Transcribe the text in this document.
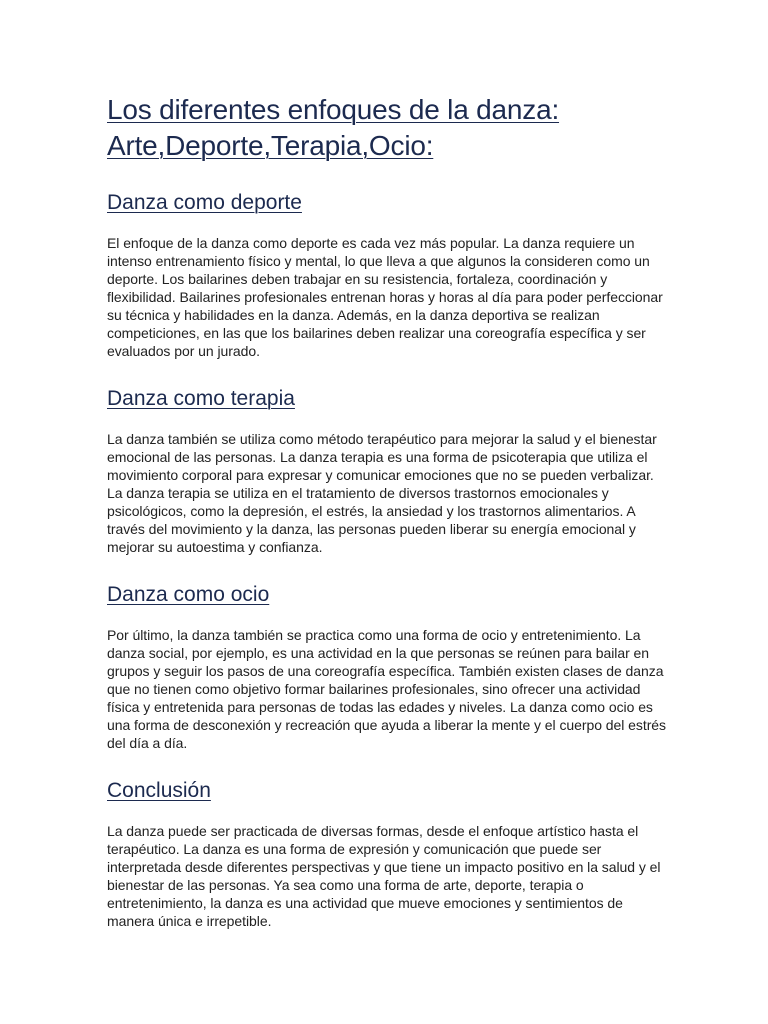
Los diferentes enfoques de la danza:
Arte,Deporte,Terapia,Ocio:
Danza como deporte

El enfoque de la danza como deporte es cada vez más popular. La danza requiere un intenso entrenamiento físico y mental, lo que lleva a que algunos la consideren como un deporte. Los bailarines deben trabajar en su resistencia, fortaleza, coordinación y flexibilidad. Bailarines profesionales entrenan horas y horas al día para poder perfeccionar su técnica y habilidades en la danza. Además, en la danza deportiva se realizan competiciones, en las que los bailarines deben realizar una coreografía específica y ser evaluados por un jurado.

Danza como terapia

La danza también se utiliza como método terapéutico para mejorar la salud y el bienestar emocional de las personas. La danza terapia es una forma de psicoterapia que utiliza el movimiento corporal para expresar y comunicar emociones que no se pueden verbalizar. La danza terapia se utiliza en el tratamiento de diversos trastornos emocionales y psicológicos, como la depresión, el estrés, la ansiedad y los trastornos alimentarios. A través del movimiento y la danza, las personas pueden liberar su energía emocional y mejorar su autoestima y confianza.

Danza como ocio

Por último, la danza también se practica como una forma de ocio y entretenimiento. La danza social, por ejemplo, es una actividad en la que personas se reúnen para bailar en grupos y seguir los pasos de una coreografía específica. También existen clases de danza que no tienen como objetivo formar bailarines profesionales, sino ofrecer una actividad física y entretenida para personas de todas las edades y niveles. La danza como ocio es una forma de desconexión y recreación que ayuda a liberar la mente y el cuerpo del estrés del día a día.

Conclusión

La danza puede ser practicada de diversas formas, desde el enfoque artístico hasta el terapéutico. La danza es una forma de expresión y comunicación que puede ser interpretada desde diferentes perspectivas y que tiene un impacto positivo en la salud y el bienestar de las personas. Ya sea como una forma de arte, deporte, terapia o entretenimiento, la danza es una actividad que mueve emociones y sentimientos de manera única e irrepetible.
